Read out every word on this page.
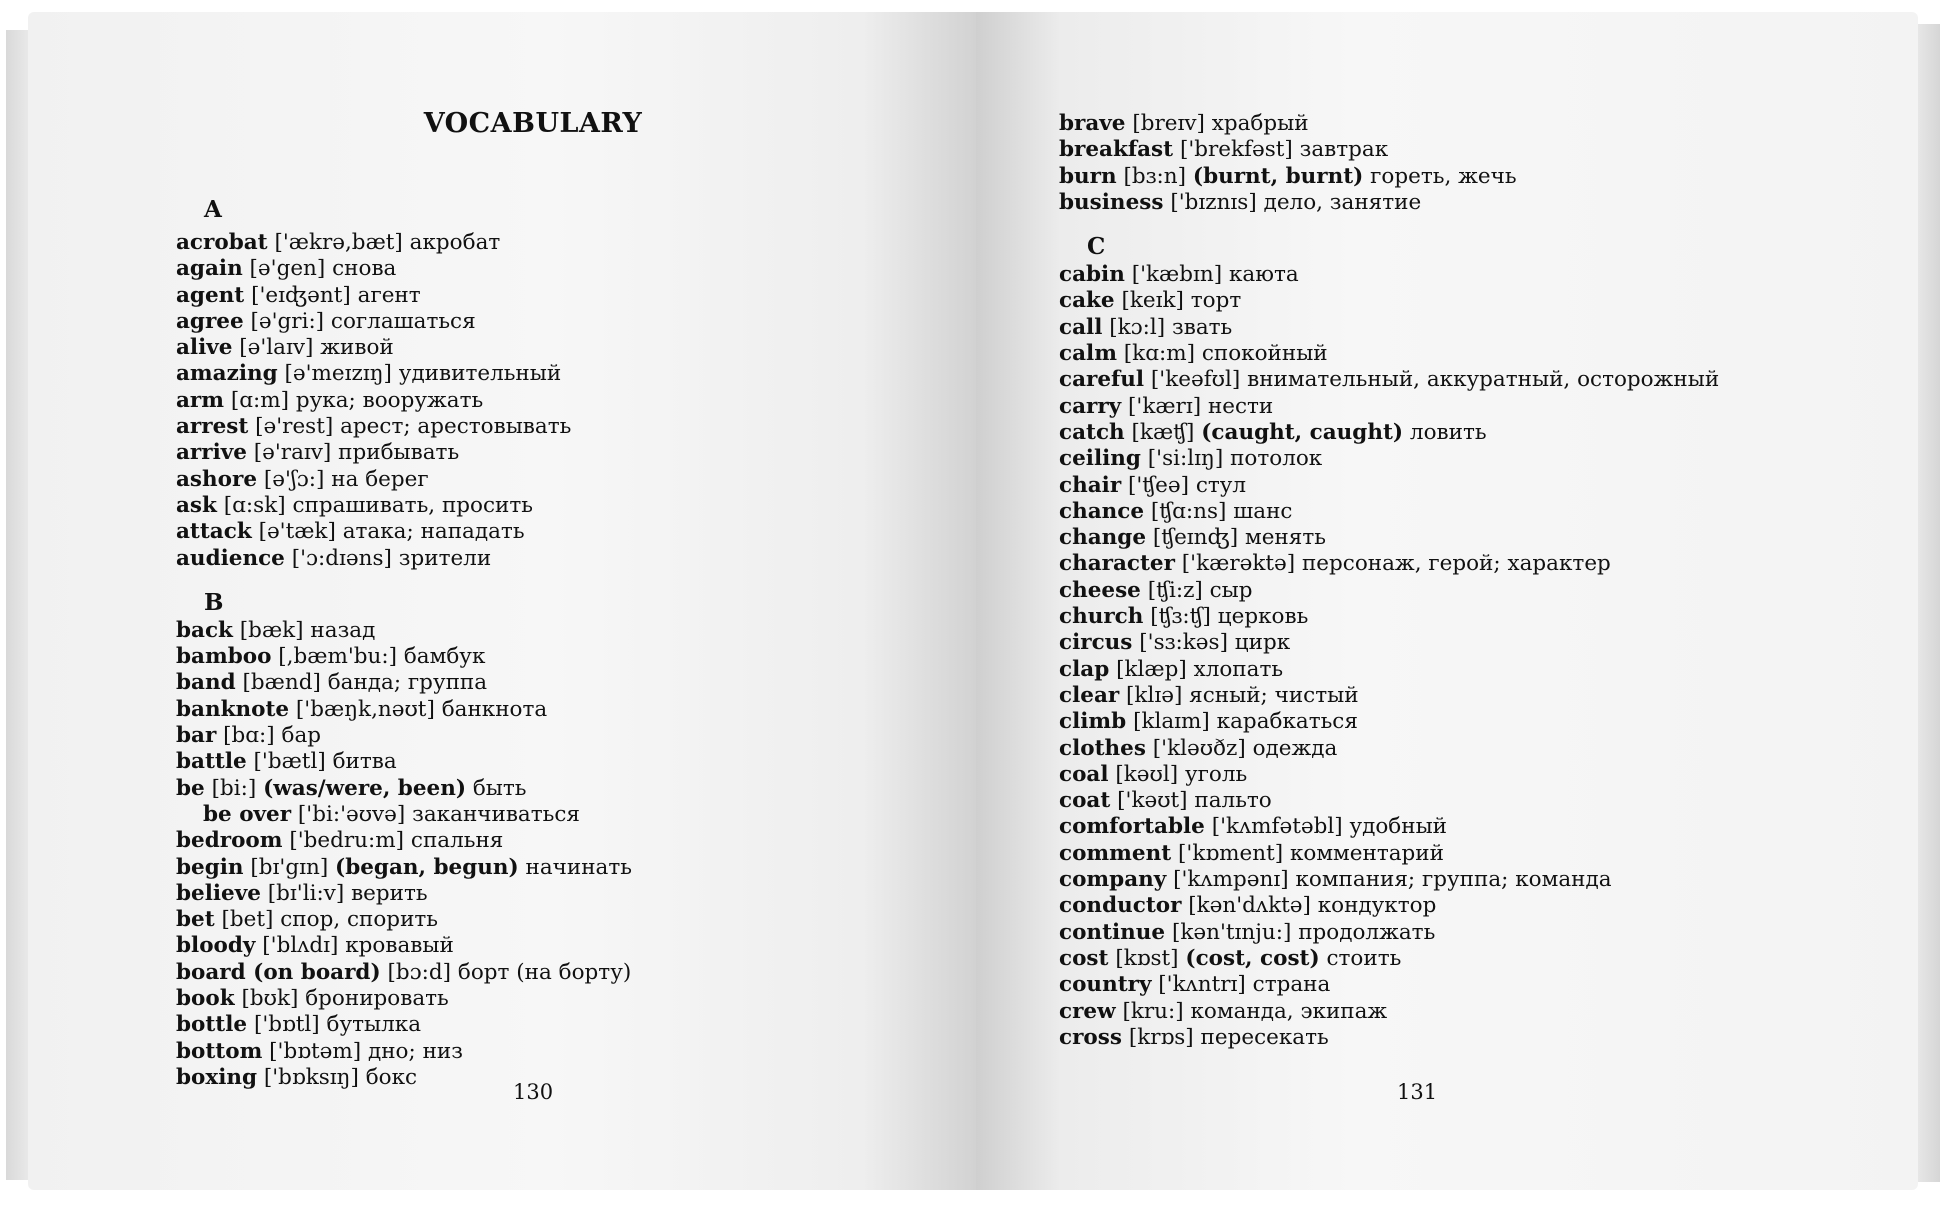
VOCABULARY
A
acrobat ['ækrə,bæt] акробат
again [ə'gen] снова
agent ['eɪʤənt] агент
agree [ə'gri:] соглашаться
alive [ə'laɪv] живой
amazing [ə'meɪzɪŋ] удивительный
arm [ɑ:m] рука; вооружать
arrest [ə'rest] арест; арестовывать
arrive [ə'raɪv] прибывать
ashore [ə'ʃɔ:] на берег
ask [ɑ:sk] спрашивать, просить
attack [ə'tæk] атака; нападать
audience ['ɔ:dɪəns] зрители
B
back [bæk] назад
bamboo [,bæm'bu:] бамбук
band [bænd] банда; группа
banknote ['bæŋk,nəʊt] банкнота
bar [bɑ:] бар
battle ['bætl] битва
be [bi:] (was/were, been) быть
be over ['bi:'əʊvə] заканчиваться
bedroom ['bedru:m] спальня
begin [bɪ'gɪn] (began, begun) начинать
believe [bɪ'li:v] верить
bet [bet] спор, спорить
bloody ['blʌdɪ] кровавый
board (on board) [bɔ:d] борт (на борту)
book [bʊk] бронировать
bottle ['bɒtl] бутылка
bottom ['bɒtəm] дно; низ
boxing ['bɒksɪŋ] бокс
brave [breɪv] храбрый
breakfast ['brekfəst] завтрак
burn [bɜ:n] (burnt, burnt) гореть, жечь
business ['bɪznɪs] дело, занятие
C
cabin ['kæbɪn] каюта
cake [keɪk] торт
call [kɔ:l] звать
calm [kɑ:m] спокойный
careful ['keəfʊl] внимательный, аккуратный, осторожный
carry ['kærɪ] нести
catch [kæʧ] (caught, caught) ловить
ceiling ['si:lɪŋ] потолок
chair ['ʧeə] стул
chance [ʧɑ:ns] шанс
change [ʧeɪnʤ] менять
character ['kærəktə] персонаж, герой; характер
cheese [ʧi:z] сыр
church [ʧɜ:ʧ] церковь
circus ['sɜ:kəs] цирк
clap [klæp] хлопать
clear [klɪə] ясный; чистый
climb [klaɪm] карабкаться
clothes ['kləʊðz] одежда
coal [kəʊl] уголь
coat ['kəʊt] пальто
comfortable ['kʌmfətəbl] удобный
comment ['kɒment] комментарий
company ['kʌmpənɪ] компания; группа; команда
conductor [kən'dʌktə] кондуктор
continue [kən'tɪnju:] продолжать
cost [kɒst] (cost, cost) стоить
country ['kʌntrɪ] страна
crew [kru:] команда, экипаж
cross [krɒs] пересекать
130	131
